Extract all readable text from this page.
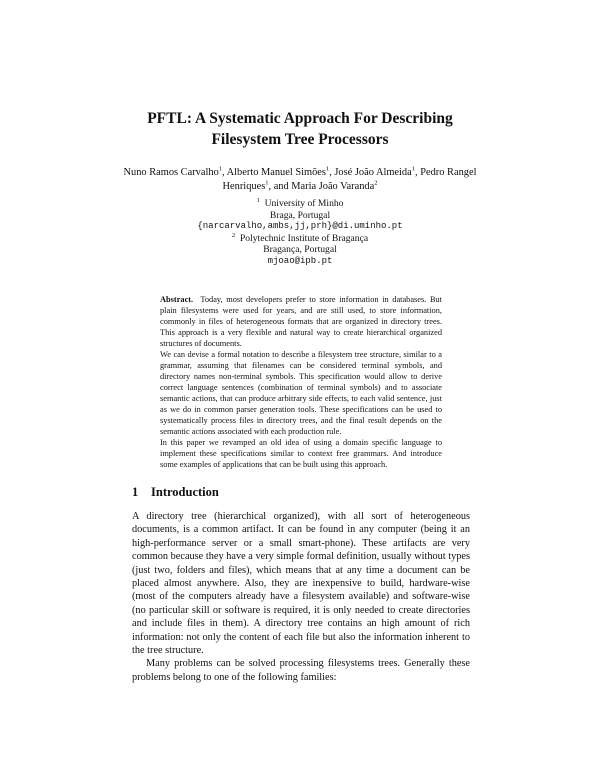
PFTL: A Systematic Approach For Describing
Filesystem Tree Processors
Nuno Ramos Carvalho$^1$, Alberto Manuel Simões$^1$, José João Almeida$^1$, Pedro Rangel
Henriques$^1$, and Maria João Varanda$^2$
$^1$ University of Minho
Braga, Portugal
{narcarvalho,ambs,jj,prh}@di.uminho.pt
$^2$ Polytechnic Institute of Bragança
Bragança, Portugal
mjoao@ipb.pt

Abstract. Today, most developers prefer to store information in databases. But plain filesystems were used for years, and are still used, to store information, commonly in files of heterogeneous formats that are organized in directory trees. This approach is a very flexible and natural way to create hierarchical organized structures of documents.

We can devise a formal notation to describe a filesystem tree structure, similar to a grammar, assuming that filenames can be considered terminal symbols, and directory names non-terminal symbols. This specification would allow to derive correct language sentences (combination of terminal symbols) and to associate semantic actions, that can produce arbitrary side effects, to each valid sentence, just as we do in common parser generation tools. These specifications can be used to systematically process files in directory trees, and the final result depends on the semantic actions associated with each production rule.

In this paper we revamped an old idea of using a domain specific language to implement these specifications similar to context free grammars. And introduce some examples of applications that can be built using this approach.

1 Introduction

A directory tree (hierarchical organized), with all sort of heterogeneous documents, is a common artifact. It can be found in any computer (being it an high-performance server or a small smart-phone). These artifacts are very common because they have a very simple formal definition, usually without types (just two, folders and files), which means that at any time a document can be placed almost anywhere. Also, they are inexpensive to build, hardware-wise (most of the computers already have a filesystem available) and software-wise (no particular skill or software is required, it is only needed to create directories and include files in them). A directory tree contains an high amount of rich information: not only the content of each file but also the information inherent to the tree structure.

Many problems can be solved processing filesystems trees. Generally these problems belong to one of the following families:
